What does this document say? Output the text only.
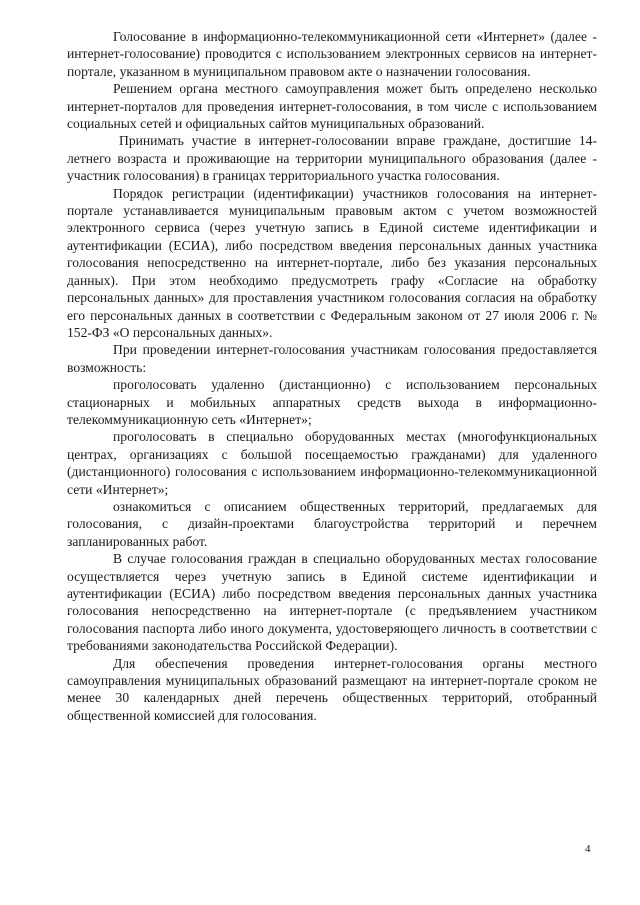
Голосование в информационно-телекоммуникационной сети «Интернет» (далее - интернет-голосование) проводится с использованием электронных сервисов на интернет-портале, указанном в муниципальном правовом акте о назначении голосования.

Решением органа местного самоуправления может быть определено несколько интернет-порталов для проведения интернет-голосования, в том числе с использованием социальных сетей и официальных сайтов муниципальных образований.

Принимать участие в интернет-голосовании вправе граждане, достигшие 14-летнего возраста и проживающие на территории муниципального образования (далее - участник голосования) в границах территориального участка голосования.

Порядок регистрации (идентификации) участников голосования на интернет-портале устанавливается муниципальным правовым актом с учетом возможностей электронного сервиса (через учетную запись в Единой системе идентификации и аутентификации (ЕСИА), либо посредством введения персональных данных участника голосования непосредственно на интернет-портале, либо без указания персональных данных). При этом необходимо предусмотреть графу «Согласие на обработку персональных данных» для проставления участником голосования согласия на обработку его персональных данных в соответствии с Федеральным законом от 27 июля 2006 г. № 152-ФЗ «О персональных данных».

При проведении интернет-голосования участникам голосования предоставляется возможность:

проголосовать удаленно (дистанционно) с использованием персональных стационарных и мобильных аппаратных средств выхода в информационно-телекоммуникационную сеть «Интернет»;

проголосовать в специально оборудованных местах (многофункциональных центрах, организациях с большой посещаемостью гражданами) для удаленного (дистанционного) голосования с использованием информационно-телекоммуникационной сети «Интернет»;

ознакомиться с описанием общественных территорий, предлагаемых для голосования, с дизайн-проектами благоустройства территорий и перечнем запланированных работ.

В случае голосования граждан в специально оборудованных местах голосование осуществляется через учетную запись в Единой системе идентификации и аутентификации (ЕСИА) либо посредством введения персональных данных участника голосования непосредственно на интернет-портале (с предъявлением участником голосования паспорта либо иного документа, удостоверяющего личность в соответствии с требованиями законодательства Российской Федерации).

Для обеспечения проведения интернет-голосования органы местного самоуправления муниципальных образований размещают на интернет-портале сроком не менее 30 календарных дней перечень общественных территорий, отобранный общественной комиссией для голосования.

4
